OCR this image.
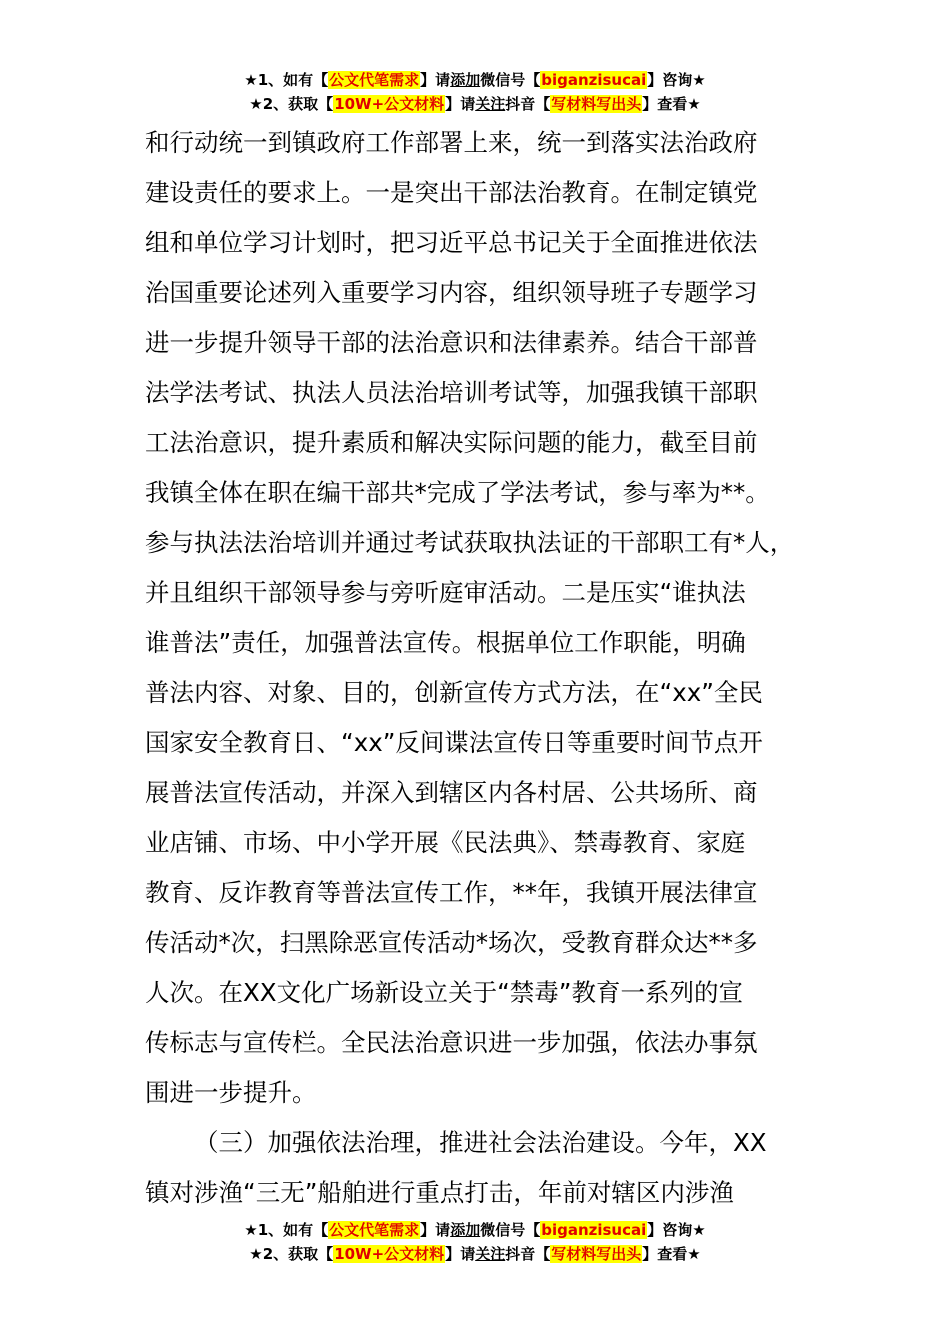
★1、如有【公文代笔需求】请添加微信号【biganzisucai】咨询★
★2、获取【10W+公文材料】请关注抖音【写材料写出头】查看★
和行动统一到镇政府工作部署上来，统一到落实法治政府
建设责任的要求上。一是突出干部法治教育。在制定镇党
组和单位学习计划时，把习近平总书记关于全面推进依法
治国重要论述列入重要学习内容，组织领导班子专题学习
进一步提升领导干部的法治意识和法律素养。结合干部普
法学法考试、执法人员法治培训考试等，加强我镇干部职
工法治意识，提升素质和解决实际问题的能力，截至目前
我镇全体在职在编干部共*完成了学法考试，参与率为**。
参与执法法治培训并通过考试获取执法证的干部职工有*人，
并且组织干部领导参与旁听庭审活动。二是压实“谁执法
谁普法”责任，加强普法宣传。根据单位工作职能，明确
普法内容、对象、目的，创新宣传方式方法，在“xx”全民
国家安全教育日、“xx”反间谍法宣传日等重要时间节点开
展普法宣传活动，并深入到辖区内各村居、公共场所、商
业店铺、市场、中小学开展《民法典》、禁毒教育、家庭
教育、反诈教育等普法宣传工作，**年，我镇开展法律宣
传活动*次，扫黑除恶宣传活动*场次，受教育群众达**多
人次。在XX文化广场新设立关于“禁毒”教育一系列的宣
传标志与宣传栏。全民法治意识进一步加强，依法办事氛
围进一步提升。
（三）加强依法治理，推进社会法治建设。今年，XX
镇对涉渔“三无”船舶进行重点打击，年前对辖区内涉渔
★1、如有【公文代笔需求】请添加微信号【biganzisucai】咨询★
★2、获取【10W+公文材料】请关注抖音【写材料写出头】查看★
